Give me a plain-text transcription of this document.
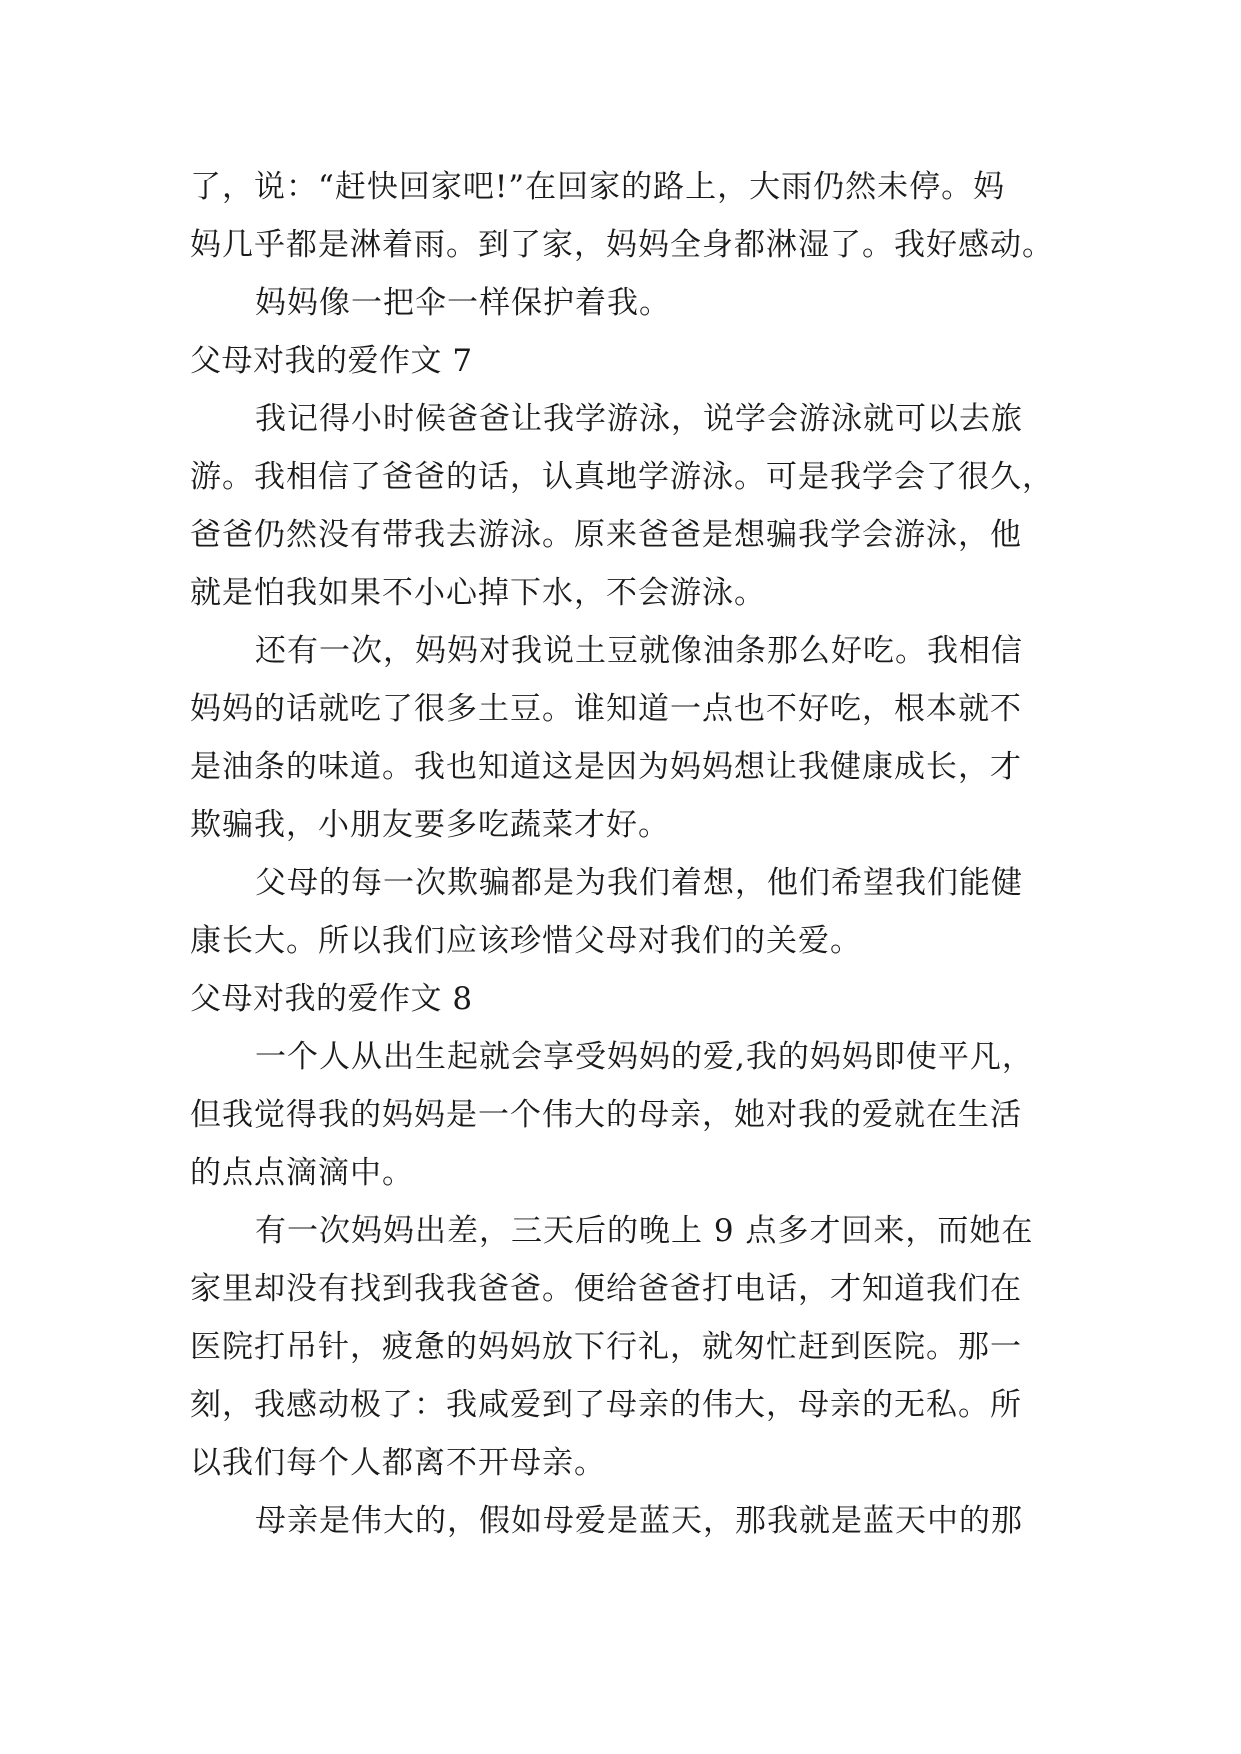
了，说：“赶快回家吧!”在回家的路上，大雨仍然未停。妈
妈几乎都是淋着雨。到了家，妈妈全身都淋湿了。我好感动。
妈妈像一把伞一样保护着我。
父母对我的爱作文 7
我记得小时候爸爸让我学游泳，说学会游泳就可以去旅
游。我相信了爸爸的话，认真地学游泳。可是我学会了很久，
爸爸仍然没有带我去游泳。原来爸爸是想骗我学会游泳，他
就是怕我如果不小心掉下水，不会游泳。
还有一次，妈妈对我说土豆就像油条那么好吃。我相信
妈妈的话就吃了很多土豆。谁知道一点也不好吃，根本就不
是油条的味道。我也知道这是因为妈妈想让我健康成长，才
欺骗我，小朋友要多吃蔬菜才好。
父母的每一次欺骗都是为我们着想，他们希望我们能健
康长大。所以我们应该珍惜父母对我们的关爱。
父母对我的爱作文 8
一个人从出生起就会享受妈妈的爱,我的妈妈即使平凡，
但我觉得我的妈妈是一个伟大的母亲，她对我的爱就在生活
的点点滴滴中。
有一次妈妈出差，三天后的晚上 9 点多才回来，而她在
家里却没有找到我我爸爸。便给爸爸打电话，才知道我们在
医院打吊针，疲惫的妈妈放下行礼，就匆忙赶到医院。那一
刻，我感动极了：我咸爱到了母亲的伟大，母亲的无私。所
以我们每个人都离不开母亲。
母亲是伟大的，假如母爱是蓝天，那我就是蓝天中的那
